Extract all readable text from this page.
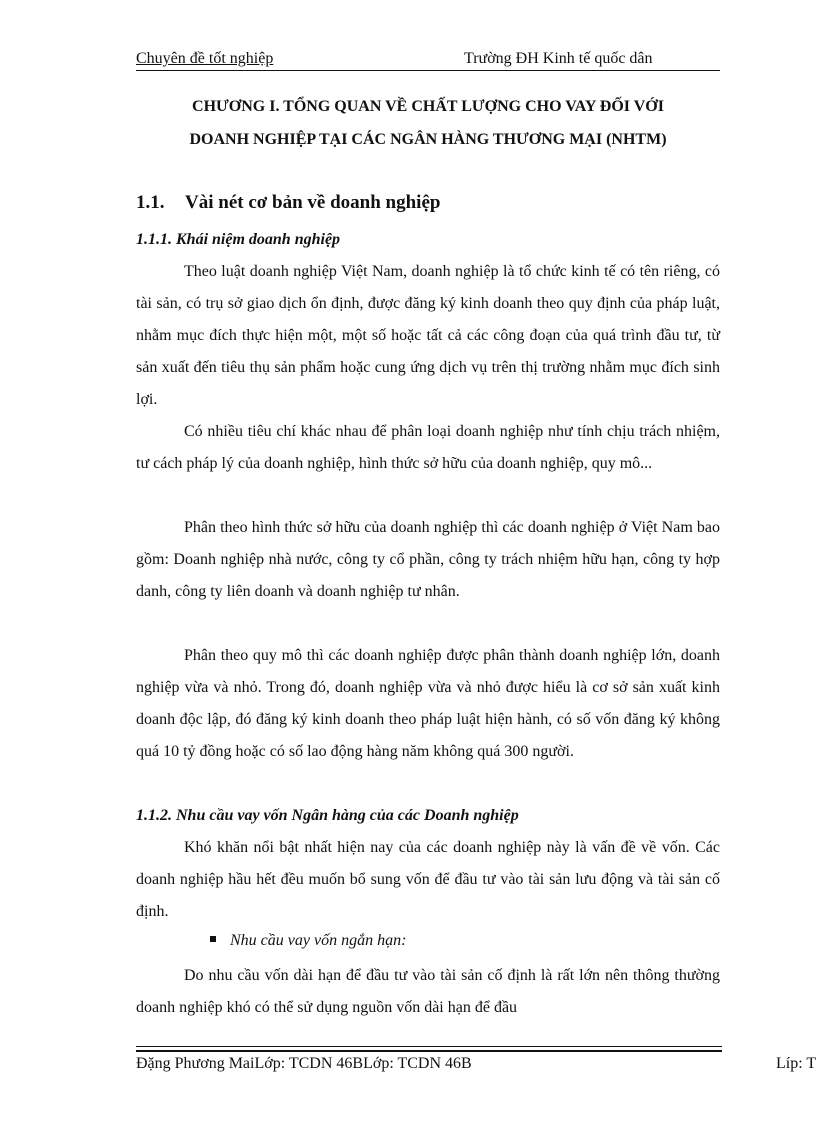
Chuyên đề tốt nghiệp	Trường ĐH Kinh tế quốc dân
CHƯƠNG I. TỔNG QUAN VỀ CHẤT LƯỢNG CHO VAY ĐỐI VỚI
DOANH NGHIỆP TẠI CÁC NGÂN HÀNG THƯƠNG MẠI (NHTM)
1.1. Vài nét cơ bản về doanh nghiệp
1.1.1. Khái niệm doanh nghiệp

Theo luật doanh nghiệp Việt Nam, doanh nghiệp là tổ chức kinh tế có tên riêng, có tài sản, có trụ sở giao dịch ổn định, được đăng ký kinh doanh theo quy định của pháp luật, nhằm mục đích thực hiện một, một số hoặc tất cả các công đoạn của quá trình đầu tư, từ sản xuất đến tiêu thụ sản phẩm hoặc cung ứng dịch vụ trên thị trường nhằm mục đích sinh lợi.

Có nhiều tiêu chí khác nhau để phân loại doanh nghiệp như tính chịu trách nhiệm, tư cách pháp lý của doanh nghiệp, hình thức sở hữu của doanh nghiệp, quy mô...

Phân theo hình thức sở hữu của doanh nghiệp thì các doanh nghiệp ở Việt Nam bao gồm: Doanh nghiệp nhà nước, công ty cổ phần, công ty trách nhiệm hữu hạn, công ty hợp danh, công ty liên doanh và doanh nghiệp tư nhân.

Phân theo quy mô thì các doanh nghiệp được phân thành doanh nghiệp lớn, doanh nghiệp vừa và nhỏ. Trong đó, doanh nghiệp vừa và nhỏ được hiểu là cơ sở sản xuất kinh doanh độc lập, đó đăng ký kinh doanh theo pháp luật hiện hành, có số vốn đăng ký không quá 10 tỷ đồng hoặc có số lao động hàng năm không quá 300 người.

1.1.2. Nhu cầu vay vốn Ngân hàng của các Doanh nghiệp

Khó khăn nổi bật nhất hiện nay của các doanh nghiệp này là vấn đề về vốn. Các doanh nghiệp hầu hết đều muốn bổ sung vốn để đầu tư vào tài sản lưu động và tài sản cố định.

Nhu cầu vay vốn ngắn hạn:

Do nhu cầu vốn dài hạn để đầu tư vào tài sản cố định là rất lớn nên thông thường doanh nghiệp khó có thể sử dụng nguồn vốn dài hạn để đầu

Đặng Phương MaiLớp: TCDN 46BLớp: TCDN 46B	Líp: T
